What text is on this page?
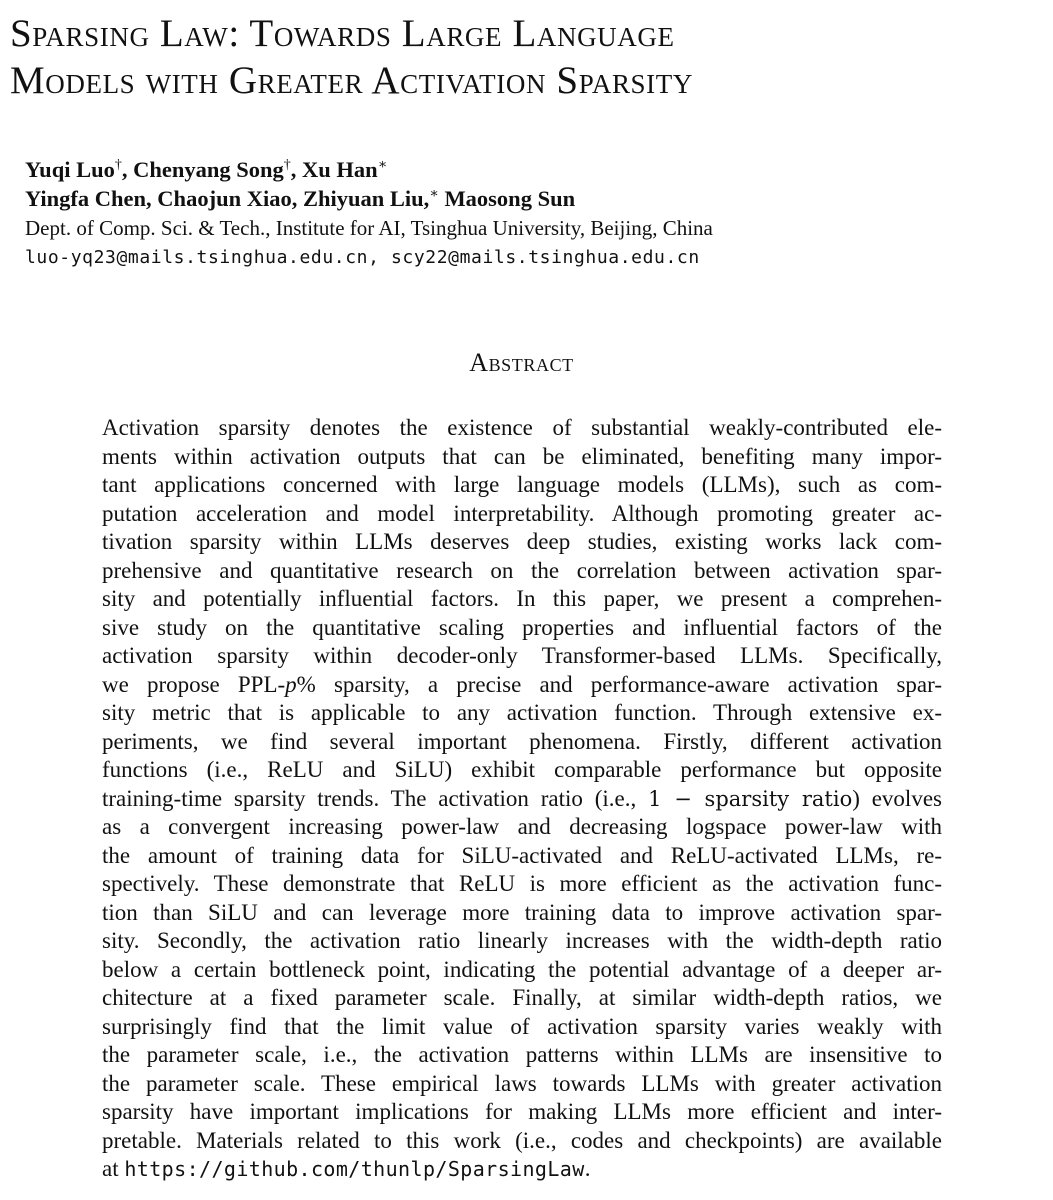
Sparsing Law: Towards Large Language
Models with Greater Activation Sparsity
Yuqi Luo†, Chenyang Song†, Xu Han∗
Yingfa Chen, Chaojun Xiao, Zhiyuan Liu,∗ Maosong Sun
Dept. of Comp. Sci. & Tech., Institute for AI, Tsinghua University, Beijing, China
luo-yq23@mails.tsinghua.edu.cn, scy22@mails.tsinghua.edu.cn
Abstract
Activation sparsity denotes the existence of substantial weakly-contributed ele-
ments within activation outputs that can be eliminated, benefiting many impor-
tant applications concerned with large language models (LLMs), such as com-
putation acceleration and model interpretability. Although promoting greater ac-
tivation sparsity within LLMs deserves deep studies, existing works lack com-
prehensive and quantitative research on the correlation between activation spar-
sity and potentially influential factors. In this paper, we present a comprehen-
sive study on the quantitative scaling properties and influential factors of the
activation sparsity within decoder-only Transformer-based LLMs. Specifically,
we propose PPL-p% sparsity, a precise and performance-aware activation spar-
sity metric that is applicable to any activation function. Through extensive ex-
periments, we find several important phenomena. Firstly, different activation
functions (i.e., ReLU and SiLU) exhibit comparable performance but opposite
training-time sparsity trends. The activation ratio (i.e., 1 − sparsity ratio) evolves
as a convergent increasing power-law and decreasing logspace power-law with
the amount of training data for SiLU-activated and ReLU-activated LLMs, re-
spectively. These demonstrate that ReLU is more efficient as the activation func-
tion than SiLU and can leverage more training data to improve activation spar-
sity. Secondly, the activation ratio linearly increases with the width-depth ratio
below a certain bottleneck point, indicating the potential advantage of a deeper ar-
chitecture at a fixed parameter scale. Finally, at similar width-depth ratios, we
surprisingly find that the limit value of activation sparsity varies weakly with
the parameter scale, i.e., the activation patterns within LLMs are insensitive to
the parameter scale. These empirical laws towards LLMs with greater activation
sparsity have important implications for making LLMs more efficient and inter-
pretable. Materials related to this work (i.e., codes and checkpoints) are available
at https://github.com/thunlp/SparsingLaw.
